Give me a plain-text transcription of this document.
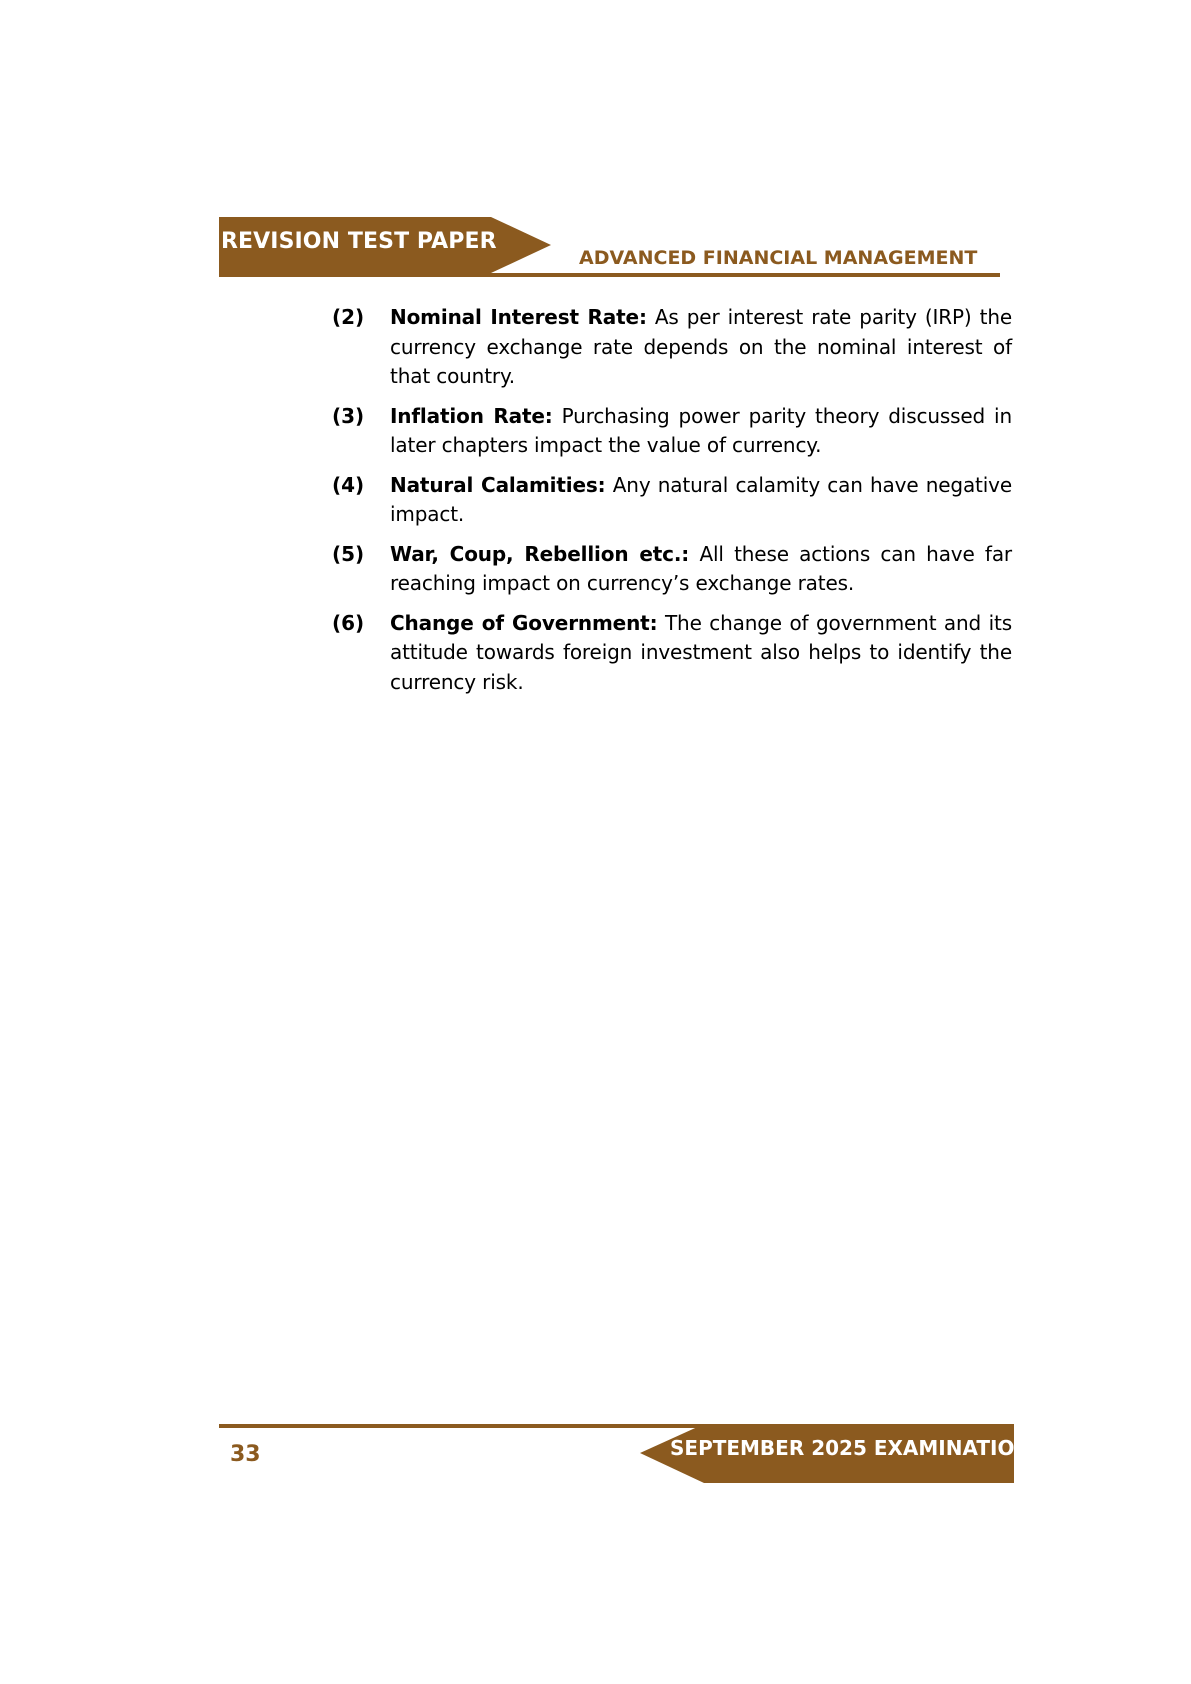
REVISION TEST PAPER
ADVANCED FINANCIAL MANAGEMENT
(2) Nominal Interest Rate: As per interest rate parity (IRP) the currency exchange rate depends on the nominal interest of that country.
(3) Inflation Rate: Purchasing power parity theory discussed in later chapters impact the value of currency.
(4) Natural Calamities: Any natural calamity can have negative impact.
(5) War, Coup, Rebellion etc.: All these actions can have far reaching impact on currency’s exchange rates.
(6) Change of Government: The change of government and its attitude towards foreign investment also helps to identify the currency risk.
33	SEPTEMBER 2025 EXAMINATION
